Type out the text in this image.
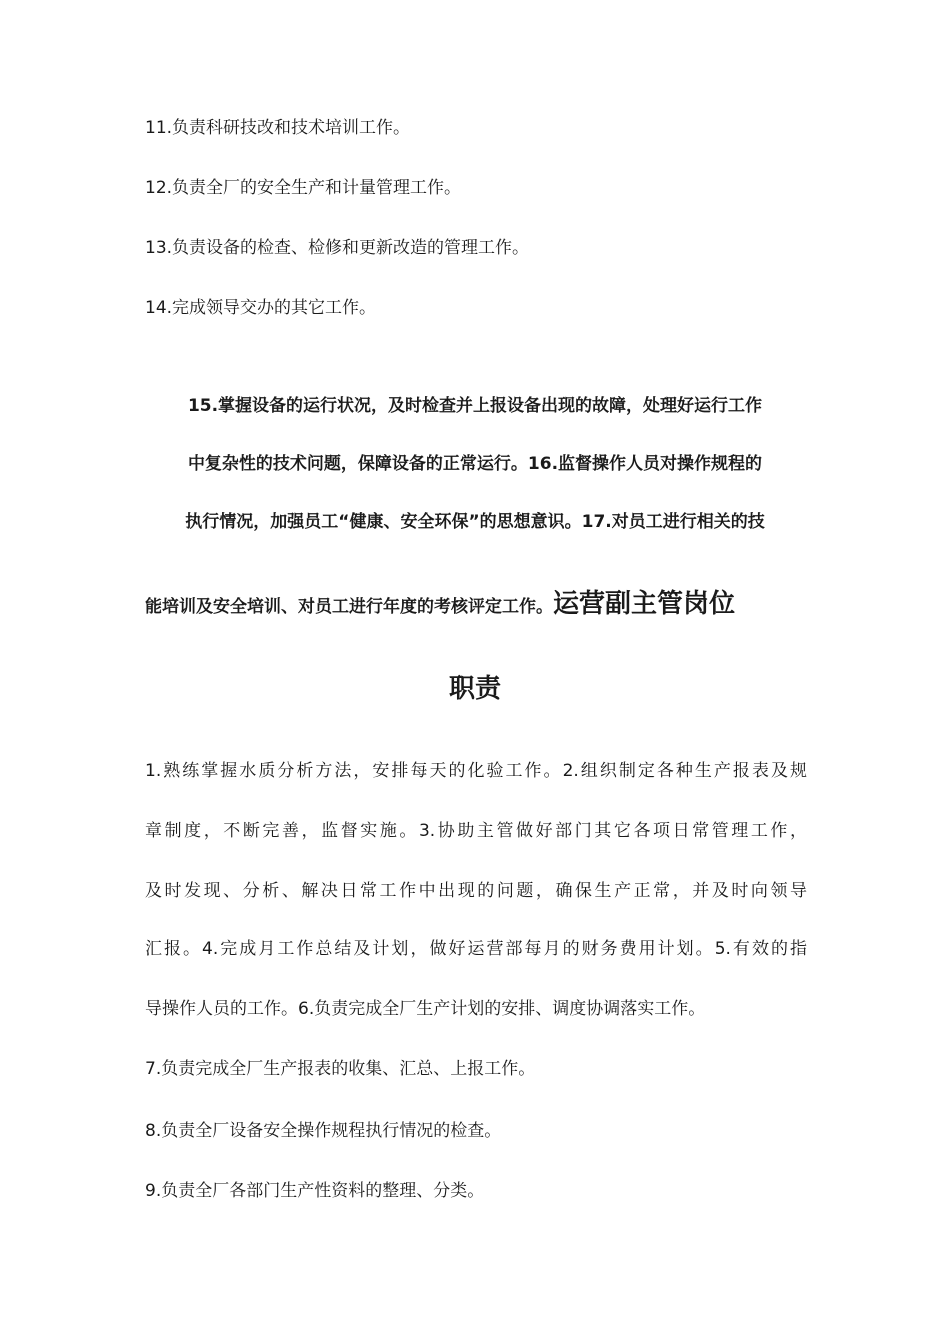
11.负责科研技改和技术培训工作。
12.负责全厂的安全生产和计量管理工作。
13.负责设备的检查、检修和更新改造的管理工作。
14.完成领导交办的其它工作。
15.掌握设备的运行状况，及时检查并上报设备出现的故障，处理好运行工作
中复杂性的技术问题，保障设备的正常运行。16.监督操作人员对操作规程的
执行情况，加强员工“健康、安全环保”的思想意识。17.对员工进行相关的技
能培训及安全培训、对员工进行年度的考核评定工作。运营副主管岗位
职责
1.熟练掌握水质分析方法，安排每天的化验工作。2.组织制定各种生产报表及规
章制度，不断完善，监督实施。3.协助主管做好部门其它各项日常管理工作，
及时发现、分析、解决日常工作中出现的问题，确保生产正常，并及时向领导
汇报。4.完成月工作总结及计划，做好运营部每月的财务费用计划。5.有效的指
导操作人员的工作。6.负责完成全厂生产计划的安排、调度协调落实工作。
7.负责完成全厂生产报表的收集、汇总、上报工作。
8.负责全厂设备安全操作规程执行情况的检查。
9.负责全厂各部门生产性资料的整理、分类。
